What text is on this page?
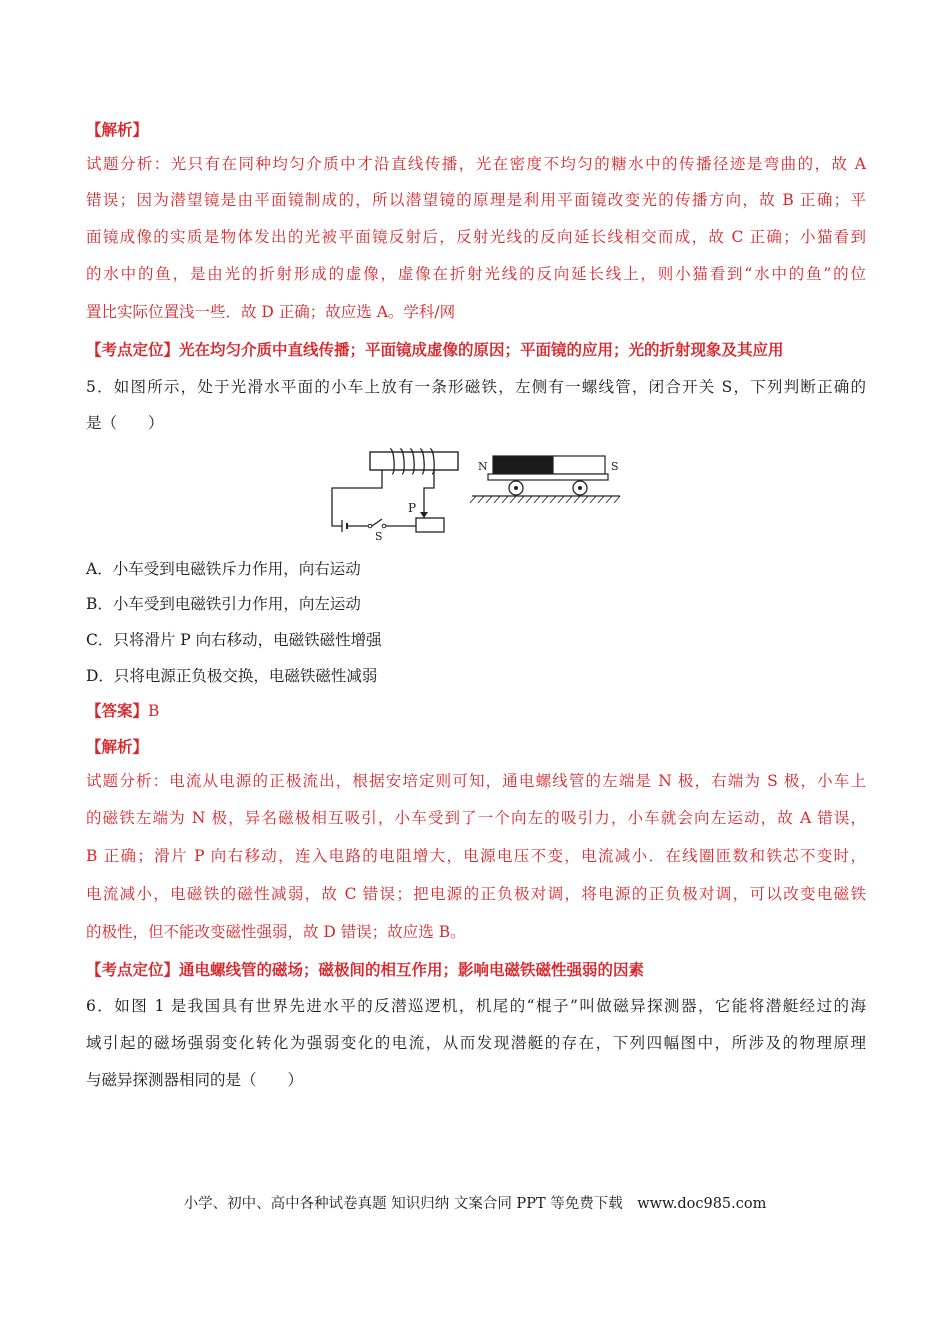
【解析】
试题分析：光只有在同种均匀介质中才沿直线传播，光在密度不均匀的糖水中的传播径迹是弯曲的，故 A
错误；因为潜望镜是由平面镜制成的，所以潜望镜的原理是利用平面镜改变光的传播方向，故 B 正确；平
面镜成像的实质是物体发出的光被平面镜反射后，反射光线的反向延长线相交而成，故 C 正确；小猫看到
的水中的鱼，是由光的折射形成的虚像，虚像在折射光线的反向延长线上，则小猫看到“水中的鱼”的位
置比实际位置浅一些．故 D 正确；故应选 A。学科/网
【考点定位】光在均匀介质中直线传播；平面镜成虚像的原因；平面镜的应用；光的折射现象及其应用
5．如图所示，处于光滑水平面的小车上放有一条形磁铁，左侧有一螺线管，闭合开关 S，下列判断正确的
是（　　）
S
P
N	S
A．小车受到电磁铁斥力作用，向右运动
B．小车受到电磁铁引力作用，向左运动
C．只将滑片 P 向右移动，电磁铁磁性增强
D．只将电源正负极交换，电磁铁磁性减弱
【答案】B
【解析】
试题分析：电流从电源的正极流出，根据安培定则可知，通电螺线管的左端是 N 极，右端为 S 极，小车上
的磁铁左端为 N 极，异名磁极相互吸引，小车受到了一个向左的吸引力，小车就会向左运动，故 A 错误，
B 正确；滑片 P 向右移动，连入电路的电阻增大，电源电压不变，电流减小．在线圈匝数和铁芯不变时，
电流减小，电磁铁的磁性减弱，故 C 错误；把电源的正负极对调，将电源的正负极对调，可以改变电磁铁
的极性，但不能改变磁性强弱，故 D 错误；故应选 B。
【考点定位】通电螺线管的磁场；磁极间的相互作用；影响电磁铁磁性强弱的因素
6．如图 1 是我国具有世界先进水平的反潜巡逻机，机尾的“棍子”叫做磁异探测器，它能将潜艇经过的海
域引起的磁场强弱变化转化为强弱变化的电流，从而发现潜艇的存在，下列四幅图中，所涉及的物理原理
与磁异探测器相同的是（　　）
小学、初中、高中各种试卷真题 知识归纳 文案合同 PPT 等免费下载　www.doc985.com
